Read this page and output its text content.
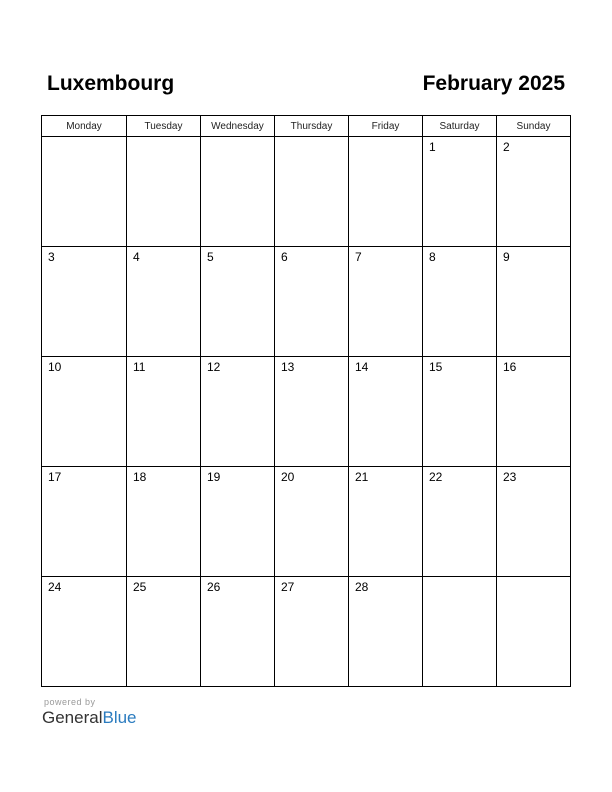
Luxembourg	February 2025
Monday	Tuesday	Wednesday	Thursday	Friday	Saturday	Sunday

					1	2

3	4	5	6	7	8	9

10	11	12	13	14	15	16

17	18	19	20	21	22	23

24	25	26	27	28		

powered by
GeneralBlue
